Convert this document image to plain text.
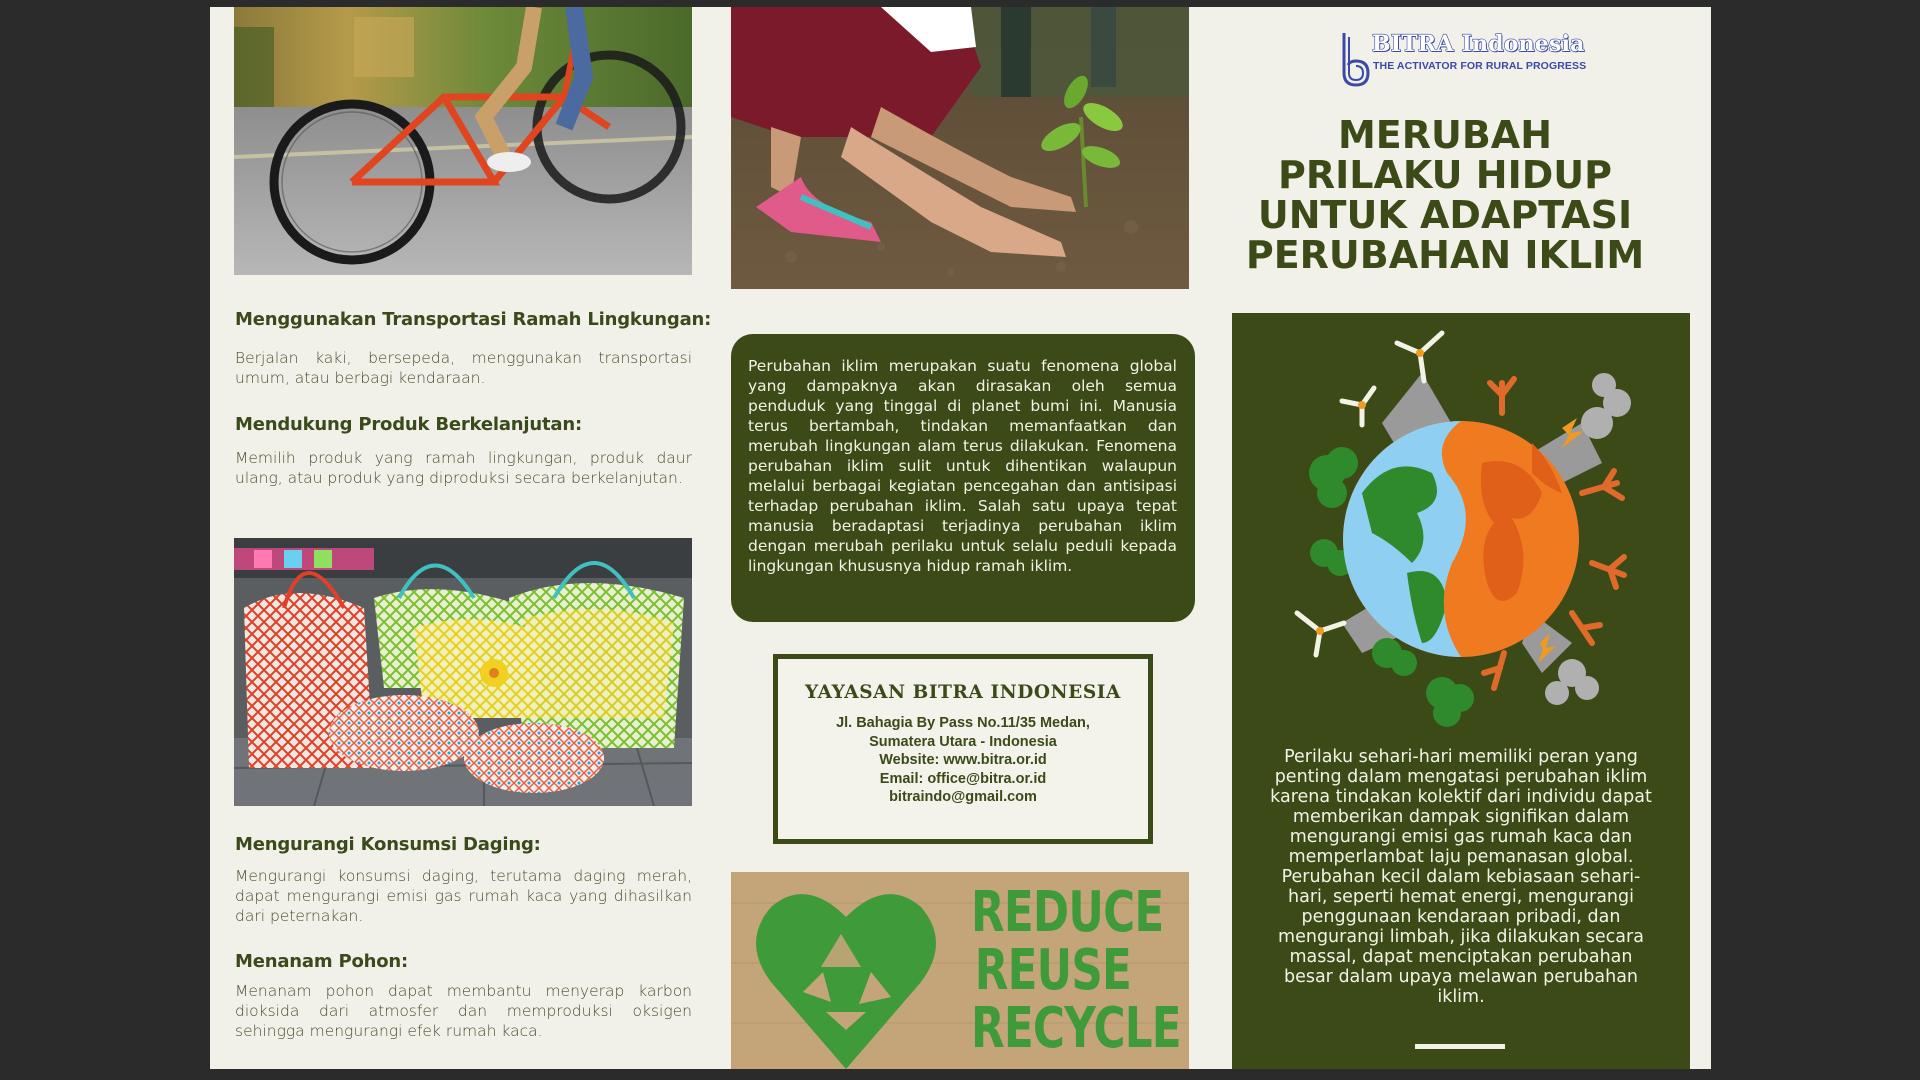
Menggunakan Transportasi Ramah Lingkungan:
Berjalan kaki, bersepeda, menggunakan transportasi umum, atau berbagi kendaraan.
Mendukung Produk Berkelanjutan:
Memilih produk yang ramah lingkungan, produk daur ulang, atau produk yang diproduksi secara berkelanjutan.
Mengurangi Konsumsi Daging:
Mengurangi konsumsi daging, terutama daging merah, dapat mengurangi emisi gas rumah kaca yang dihasilkan dari peternakan.
Menanam Pohon:
Menanam pohon dapat membantu menyerap karbon dioksida dari atmosfer dan memproduksi oksigen sehingga mengurangi efek rumah kaca.

Perubahan iklim merupakan suatu fenomena global yang dampaknya akan dirasakan oleh semua penduduk yang tinggal di planet bumi ini. Manusia terus bertambah, tindakan memanfaatkan dan merubah lingkungan alam terus dilakukan. Fenomena perubahan iklim sulit untuk dihentikan walaupun melalui berbagai kegiatan pencegahan dan antisipasi terhadap perubahan iklim. Salah satu upaya tepat manusia beradaptasi terjadinya perubahan iklim dengan merubah perilaku untuk selalu peduli kepada lingkungan khususnya hidup ramah iklim.

YAYASAN BITRA INDONESIA
Jl. Bahagia By Pass No.11/35 Medan,
Sumatera Utara - Indonesia
Website: www.bitra.or.id
Email: office@bitra.or.id
bitraindo@gmail.com
REDUCE
REUSE
RECYCLE
BITRA Indonesia
THE ACTIVATOR FOR RURAL PROGRESS
MERUBAH PRILAKU HIDUP UNTUK ADAPTASI PERUBAHAN IKLIM

Perilaku sehari-hari memiliki peran yang penting dalam mengatasi perubahan iklim karena tindakan kolektif dari individu dapat memberikan dampak signifikan dalam mengurangi emisi gas rumah kaca dan memperlambat laju pemanasan global. Perubahan kecil dalam kebiasaan sehari-hari, seperti hemat energi, mengurangi penggunaan kendaraan pribadi, dan mengurangi limbah, jika dilakukan secara massal, dapat menciptakan perubahan besar dalam upaya melawan perubahan iklim.
